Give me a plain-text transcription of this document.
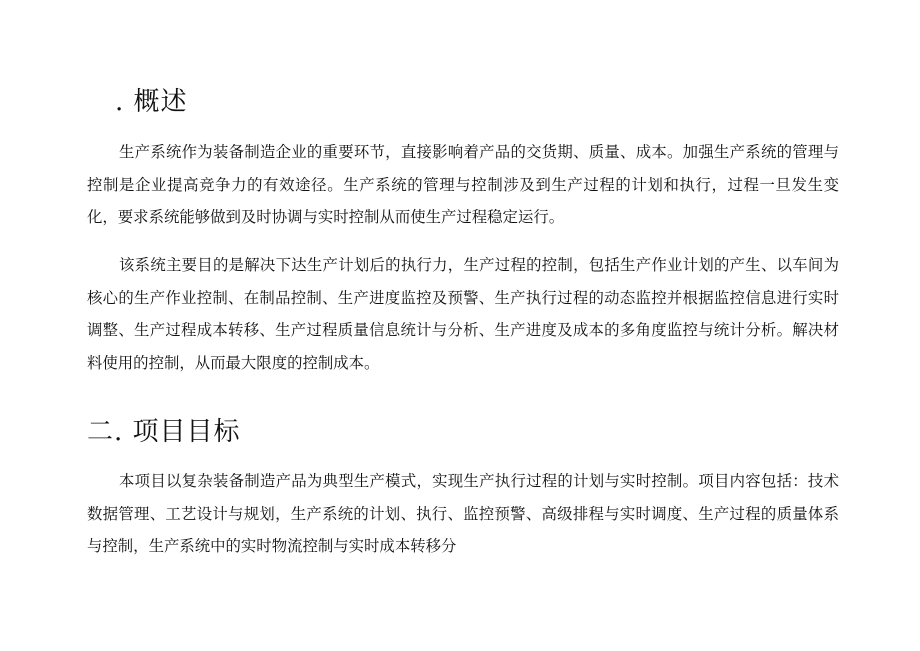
. 概述

生产系统作为装备制造企业的重要环节，直接影响着产品的交货期、质量、成本。加强生产系统的管理与控制是企业提高竞争力的有效途径。生产系统的管理与控制涉及到生产过程的计划和执行，过程一旦发生变化，要求系统能够做到及时协调与实时控制从而使生产过程稳定运行。

该系统主要目的是解决下达生产计划后的执行力，生产过程的控制，包括生产作业计划的产生、以车间为核心的生产作业控制、在制品控制、生产进度监控及预警、生产执行过程的动态监控并根据监控信息进行实时调整、生产过程成本转移、生产过程质量信息统计与分析、生产进度及成本的多角度监控与统计分析。解决材料使用的控制，从而最大限度的控制成本。

二. 项目目标

本项目以复杂装备制造产品为典型生产模式，实现生产执行过程的计划与实时控制。项目内容包括：技术数据管理、工艺设计与规划，生产系统的计划、执行、监控预警、高级排程与实时调度、生产过程的质量体系与控制，生产系统中的实时物流控制与实时成本转移分
